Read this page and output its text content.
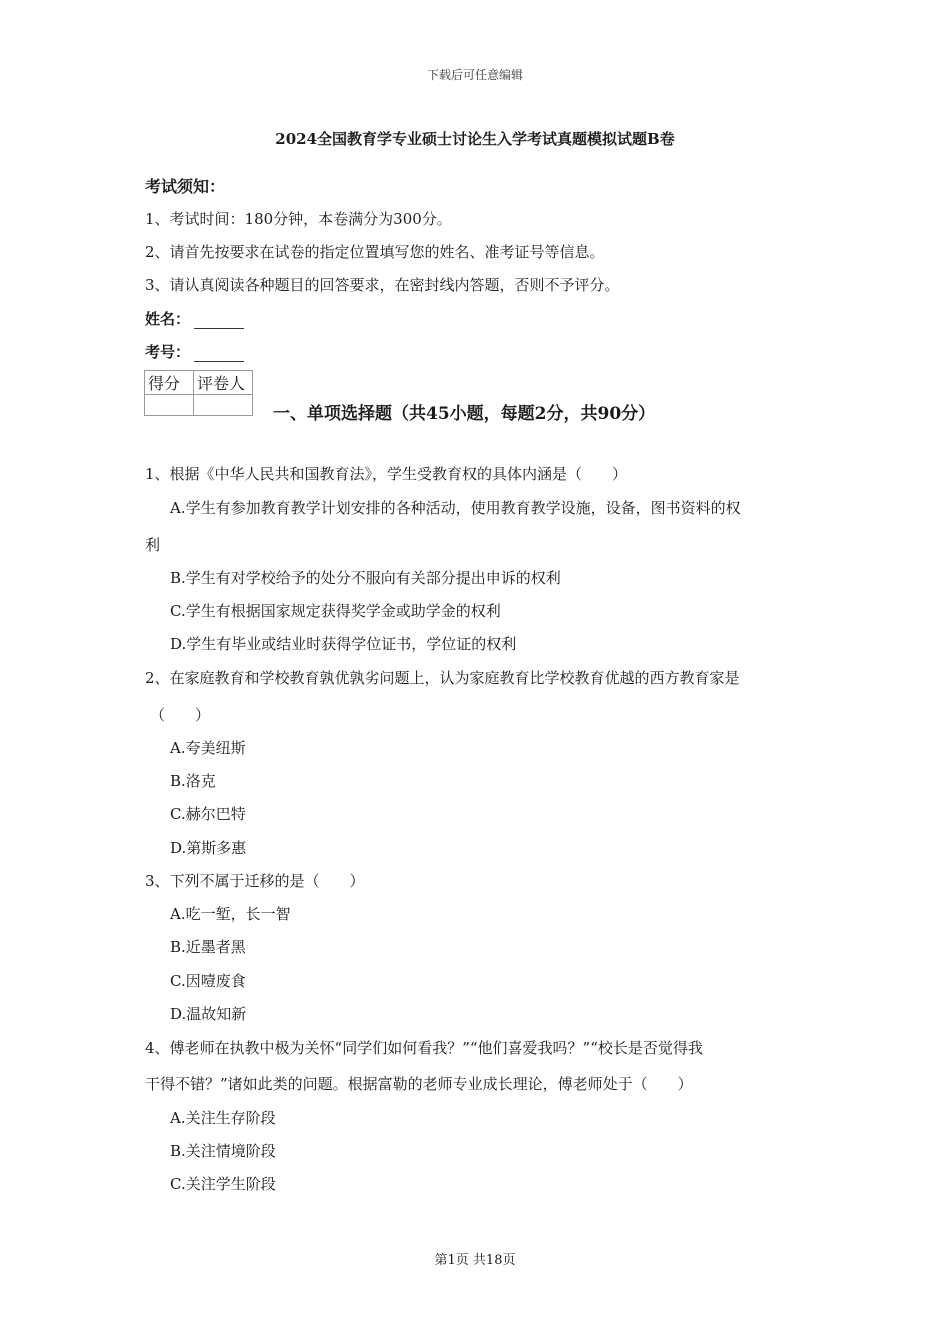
下载后可任意编辑
2024全国教育学专业硕士讨论生入学考试真题模拟试题B卷
考试须知：
1、考试时间：180分钟，本卷满分为300分。
2、请首先按要求在试卷的指定位置填写您的姓名、准考证号等信息。
3、请认真阅读各种题目的回答要求，在密封线内答题，否则不予评分。
姓名：
考号：
得分	评卷人

一、单项选择题（共45小题，每题2分，共90分）
1、根据《中华人民共和国教育法》，学生受教育权的具体内涵是（　　）
A.学生有参加教育教学计划安排的各种活动，使用教育教学设施，设备，图书资料的权
利
B.学生有对学校给予的处分不服向有关部分提出申诉的权利
C.学生有根据国家规定获得奖学金或助学金的权利
D.学生有毕业或结业时获得学位证书，学位证的权利
2、在家庭教育和学校教育孰优孰劣问题上，认为家庭教育比学校教育优越的西方教育家是
（　　）
A.夸美纽斯
B.洛克
C.赫尔巴特
D.第斯多惠
3、下列不属于迁移的是（　　）
A.吃一堑，长一智
B.近墨者黑
C.因噎废食
D.温故知新
4、傅老师在执教中极为关怀“同学们如何看我？”“他们喜爱我吗？”“校长是否觉得我
干得不错？”诸如此类的问题。根据富勒的老师专业成长理论，傅老师处于（　　）
A.关注生存阶段
B.关注情境阶段
C.关注学生阶段
第1页 共18页
